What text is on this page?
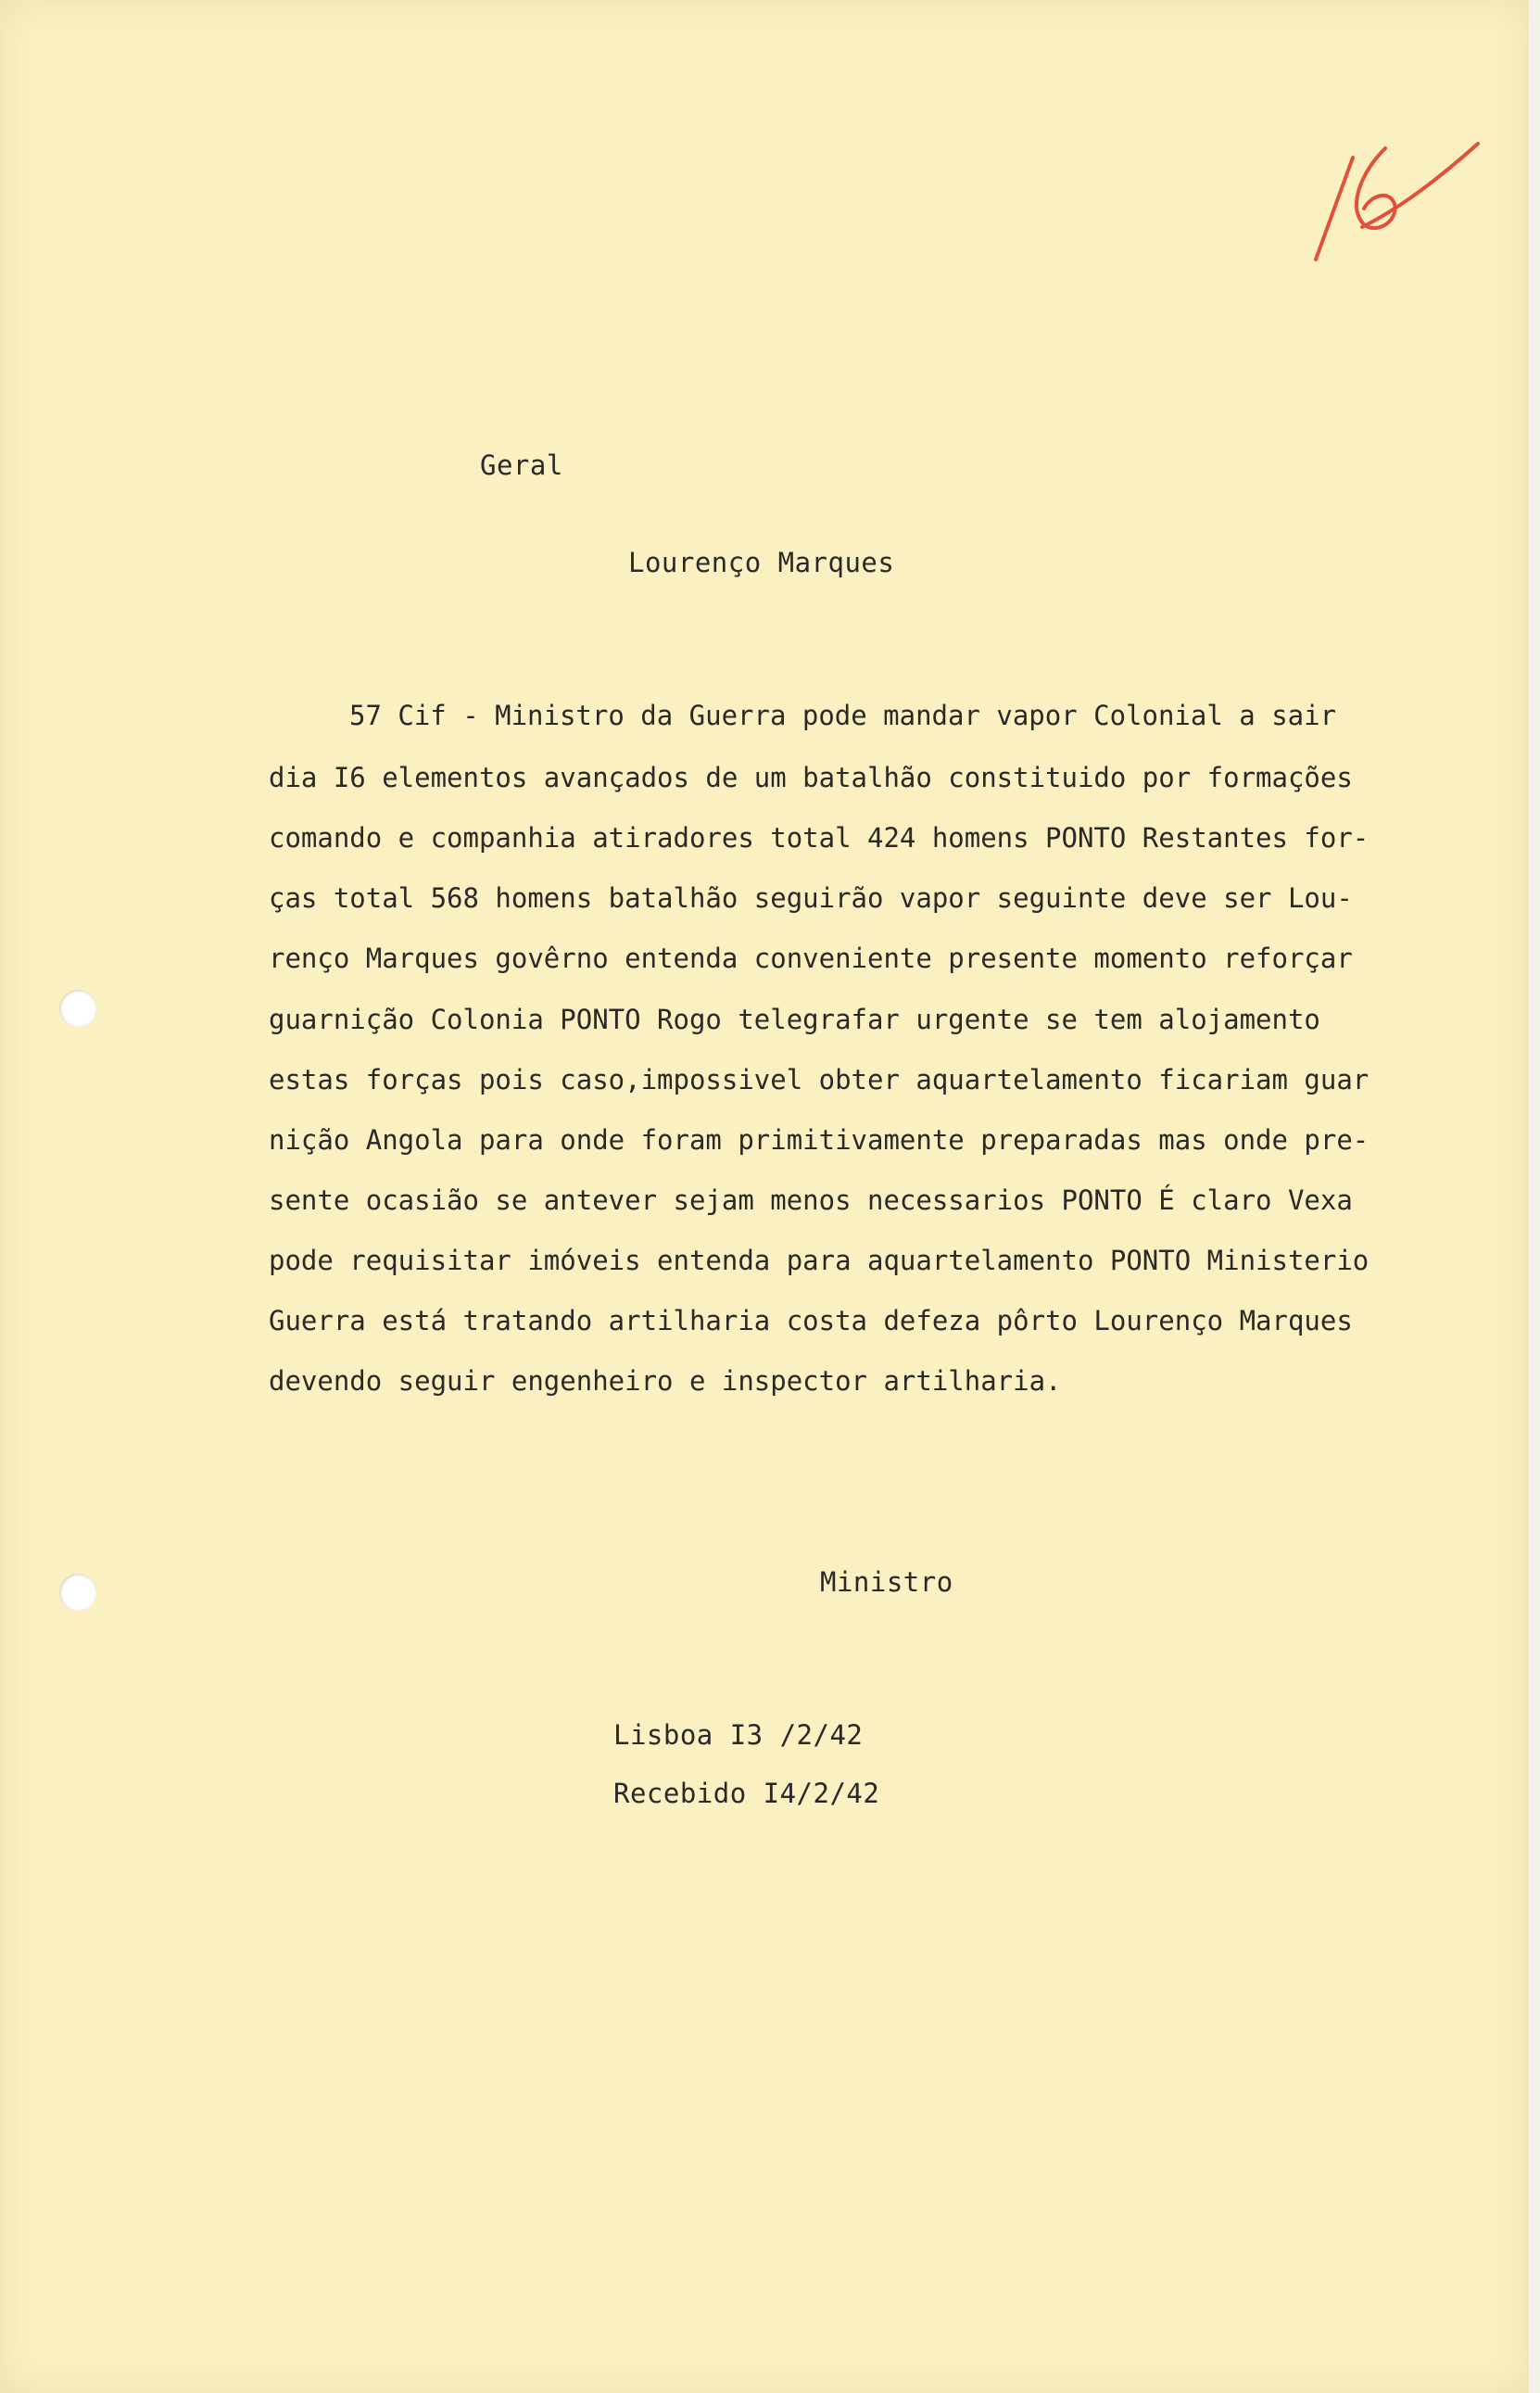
Geral
Lourenço Marques
57 Cif - Ministro da Guerra pode mandar vapor Colonial a sair
dia I6 elementos avançados de um batalhão constituido por formações
comando e companhia atiradores total 424 homens PONTO Restantes for-
ças total 568 homens batalhão seguirão vapor seguinte deve ser Lou-
renço Marques govêrno entenda conveniente presente momento reforçar
guarnição Colonia PONTO Rogo telegrafar urgente se tem alojamento
estas forças pois caso,impossivel obter aquartelamento ficariam guar
nição Angola para onde foram primitivamente preparadas mas onde pre-
sente ocasião se antever sejam menos necessarios PONTO É claro Vexa
pode requisitar imóveis entenda para aquartelamento PONTO Ministerio
Guerra está tratando artilharia costa defeza pôrto Lourenço Marques
devendo seguir engenheiro e inspector artilharia.
Ministro
Lisboa I3 /2/42
Recebido I4/2/42
